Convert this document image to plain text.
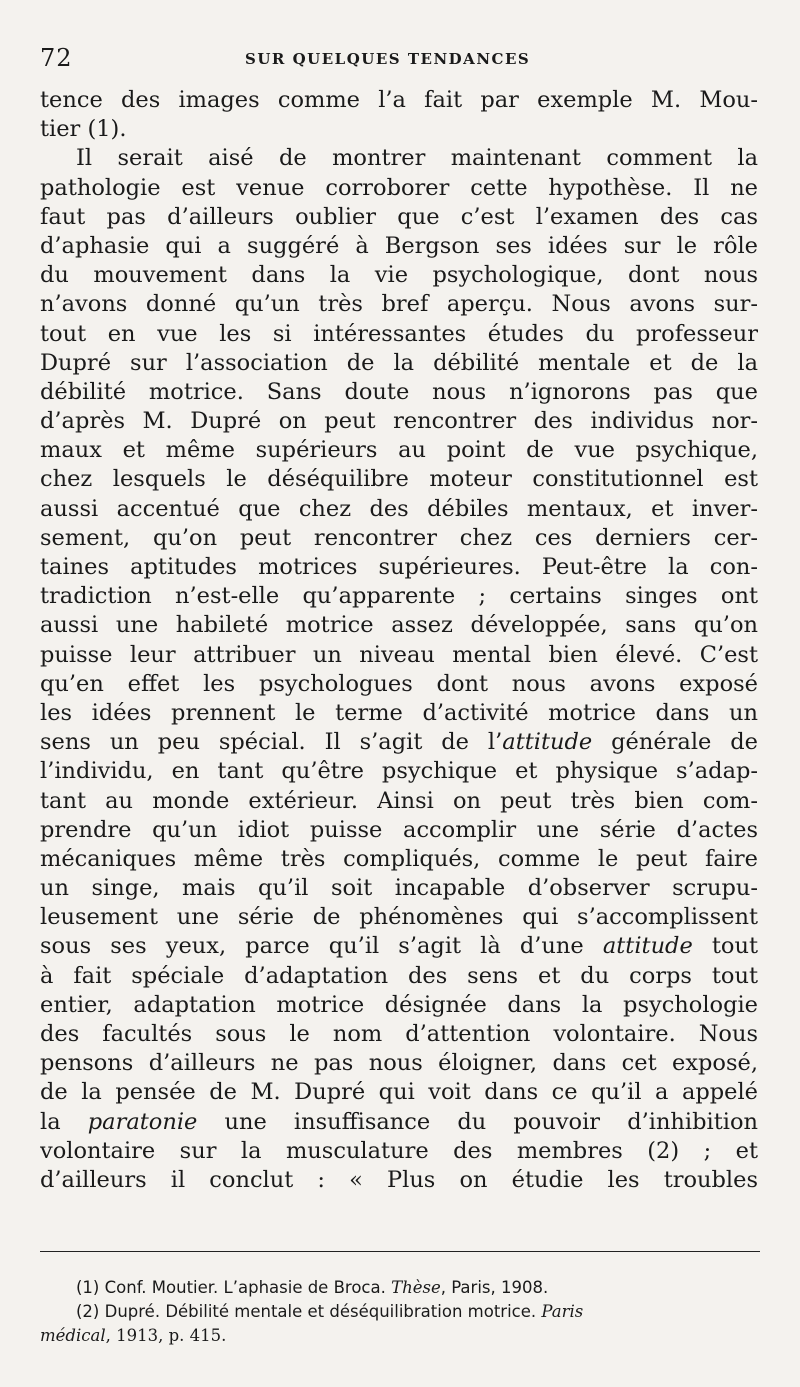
72	SUR QUELQUES TENDANCES
tence des images comme l’a fait par exemple M. Mou-
tier (1).
Il serait aisé de montrer maintenant comment la
pathologie est venue corroborer cette hypothèse. Il ne
faut pas d’ailleurs oublier que c’est l’examen des cas
d’aphasie qui a suggéré à Bergson ses idées sur le rôle
du mouvement dans la vie psychologique, dont nous
n’avons donné qu’un très bref aperçu. Nous avons sur-
tout en vue les si intéressantes études du professeur
Dupré sur l’association de la débilité mentale et de la
débilité motrice. Sans doute nous n’ignorons pas que
d’après M. Dupré on peut rencontrer des individus nor-
maux et même supérieurs au point de vue psychique,
chez lesquels le déséquilibre moteur constitutionnel est
aussi accentué que chez des débiles mentaux, et inver-
sement, qu’on peut rencontrer chez ces derniers cer-
taines aptitudes motrices supérieures. Peut-être la con-
tradiction n’est-elle qu’apparente ; certains singes ont
aussi une habileté motrice assez développée, sans qu’on
puisse leur attribuer un niveau mental bien élevé. C’est
qu’en effet les psychologues dont nous avons exposé
les idées prennent le terme d’activité motrice dans un
sens un peu spécial. Il s’agit de l’attitude générale de
l’individu, en tant qu’être psychique et physique s’adap-
tant au monde extérieur. Ainsi on peut très bien com-
prendre qu’un idiot puisse accomplir une série d’actes
mécaniques même très compliqués, comme le peut faire
un singe, mais qu’il soit incapable d’observer scrupu-
leusement une série de phénomènes qui s’accomplissent
sous ses yeux, parce qu’il s’agit là d’une attitude tout
à fait spéciale d’adaptation des sens et du corps tout
entier, adaptation motrice désignée dans la psychologie
des facultés sous le nom d’attention volontaire. Nous
pensons d’ailleurs ne pas nous éloigner, dans cet exposé,
de la pensée de M. Dupré qui voit dans ce qu’il a appelé
la paratonie une insuffisance du pouvoir d’inhibition
volontaire sur la musculature des membres (2) ; et
d’ailleurs il conclut : « Plus on étudie les troubles
(1) Conf. Moutier. L’aphasie de Broca. Thèse, Paris, 1908.
(2) Dupré. Débilité mentale et déséquilibration motrice. Paris
médical, 1913, p. 415.
